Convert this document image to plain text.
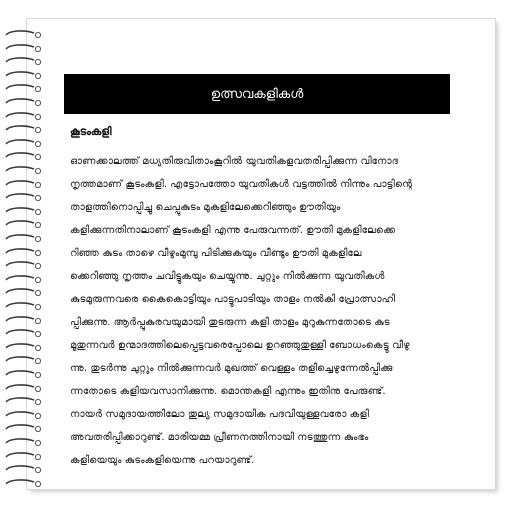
ഉത്സവകളികൾ
കൂടംകളി
ഓണക്കാലത്ത് മധ്യതിരുവിതാംകൂറിൽ യുവതികളവതരിപ്പിക്കുന്ന വിനോദ
നൃത്തമാണ് കൂടംകളി. എട്ടോപത്തോ യുവതികൾ വട്ടത്തിൽ നിന്നും പാട്ടിന്റെ
താളത്തിനൊപ്പിച്ചു ചെപ്പുകുടം മുകളിലേക്കെറിഞ്ഞും ഊതിയും
കളിക്കുന്നതിനാലാണ് കൂടംകളി എന്നു പേരുവന്നത്. ഊതി മുകളിലേക്കെ
റിഞ്ഞ കുടം താഴെ വീഴുംമുമ്പു പിടിക്കുകയും വീണ്ടും ഊതി മുകളിലേ
ക്കെറിഞ്ഞു നൃത്തം ചവിട്ടുകയും ചെയ്യുന്നു. ചുറ്റും നിൽക്കുന്ന യുവതികൾ
കുടമുരുന്നവരെ കൈകൊട്ടിയും പാട്ടുപാടിയും താളം നൽകി പ്രോത്സാഹി
പ്പിക്കുന്നു. ആർപ്പുകുരവയുമായി തുടരുന്ന കളി താളം മുറുകുന്നതോടെ കുട
മൂതുന്നവർ ഉന്മാദത്തിലെപ്പെട്ടവരെപ്പോലെ ഉറഞ്ഞുതുള്ളി ബോധംകെട്ടു വീഴു
ന്നു. തുടർന്നു ചുറ്റും നിൽക്കുന്നവർ മുഖത്ത് വെള്ളം തളിച്ചെഴുന്നേൽപ്പിക്കു
ന്നതോടെ കളിയവസാനിക്കുന്നു. മൊന്തകളി എന്നും ഇതിനു പേരുണ്ട്.
നായർ സമുദായത്തിലോ തുല്യ സമുദായിക പദവിയുള്ളവരോ കളി
അവതരിപ്പിക്കാറുണ്ട്. മാരിയമ്മ പ്രീണനത്തിനായി നടത്തുന്ന കുംഭം
കളിയെയും കുടംകളിയെന്നു പറയാറുണ്ട്.
